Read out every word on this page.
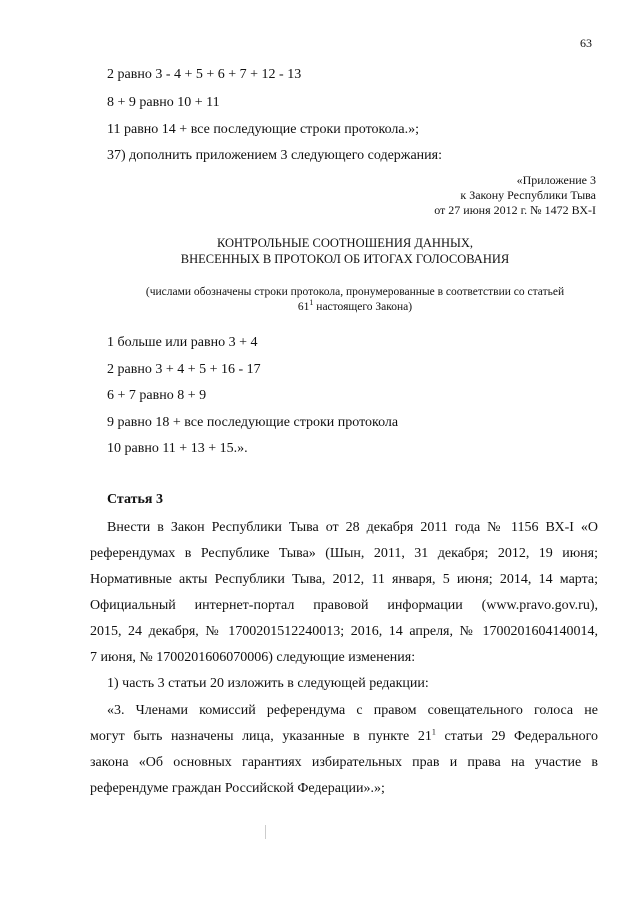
63
2 равно 3 - 4 + 5 + 6 + 7 + 12 - 13
8 + 9 равно 10 + 11
11 равно 14 + все последующие строки протокола.»;
37) дополнить приложением 3 следующего содержания:
«Приложение 3
к Закону Республики Тыва
от 27 июня 2012 г. № 1472 ВХ-I
КОНТРОЛЬНЫЕ СООТНОШЕНИЯ ДАННЫХ,
ВНЕСЕННЫХ В ПРОТОКОЛ ОБ ИТОГАХ ГОЛОСОВАНИЯ
(числами обозначены строки протокола, пронумерованные в соответствии со статьей
$61^1$ настоящего Закона)
1 больше или равно 3 + 4
2 равно 3 + 4 + 5 + 16 - 17
6 + 7 равно 8 + 9
9 равно 18 + все последующие строки протокола
10 равно 11 + 13 + 15.».
Статья 3
Внести в Закон Республики Тыва от 28 декабря 2011 года № 1156 ВХ-I «О
референдумах в Республике Тыва» (Шын, 2011, 31 декабря; 2012, 19 июня;
Нормативные акты Республики Тыва, 2012, 11 января, 5 июня; 2014, 14 марта;
Официальный интернет-портал правовой информации (www.pravo.gov.ru),
2015, 24 декабря, № 1700201512240013; 2016, 14 апреля, № 1700201604140014,
7 июня, № 1700201606070006) следующие изменения:
1) часть 3 статьи 20 изложить в следующей редакции:
«3. Членами комиссий референдума с правом совещательного голоса не
могут быть назначены лица, указанные в пункте $21^1$ статьи 29 Федерального
закона «Об основных гарантиях избирательных прав и права на участие в
референдуме граждан Российской Федерации».»;
